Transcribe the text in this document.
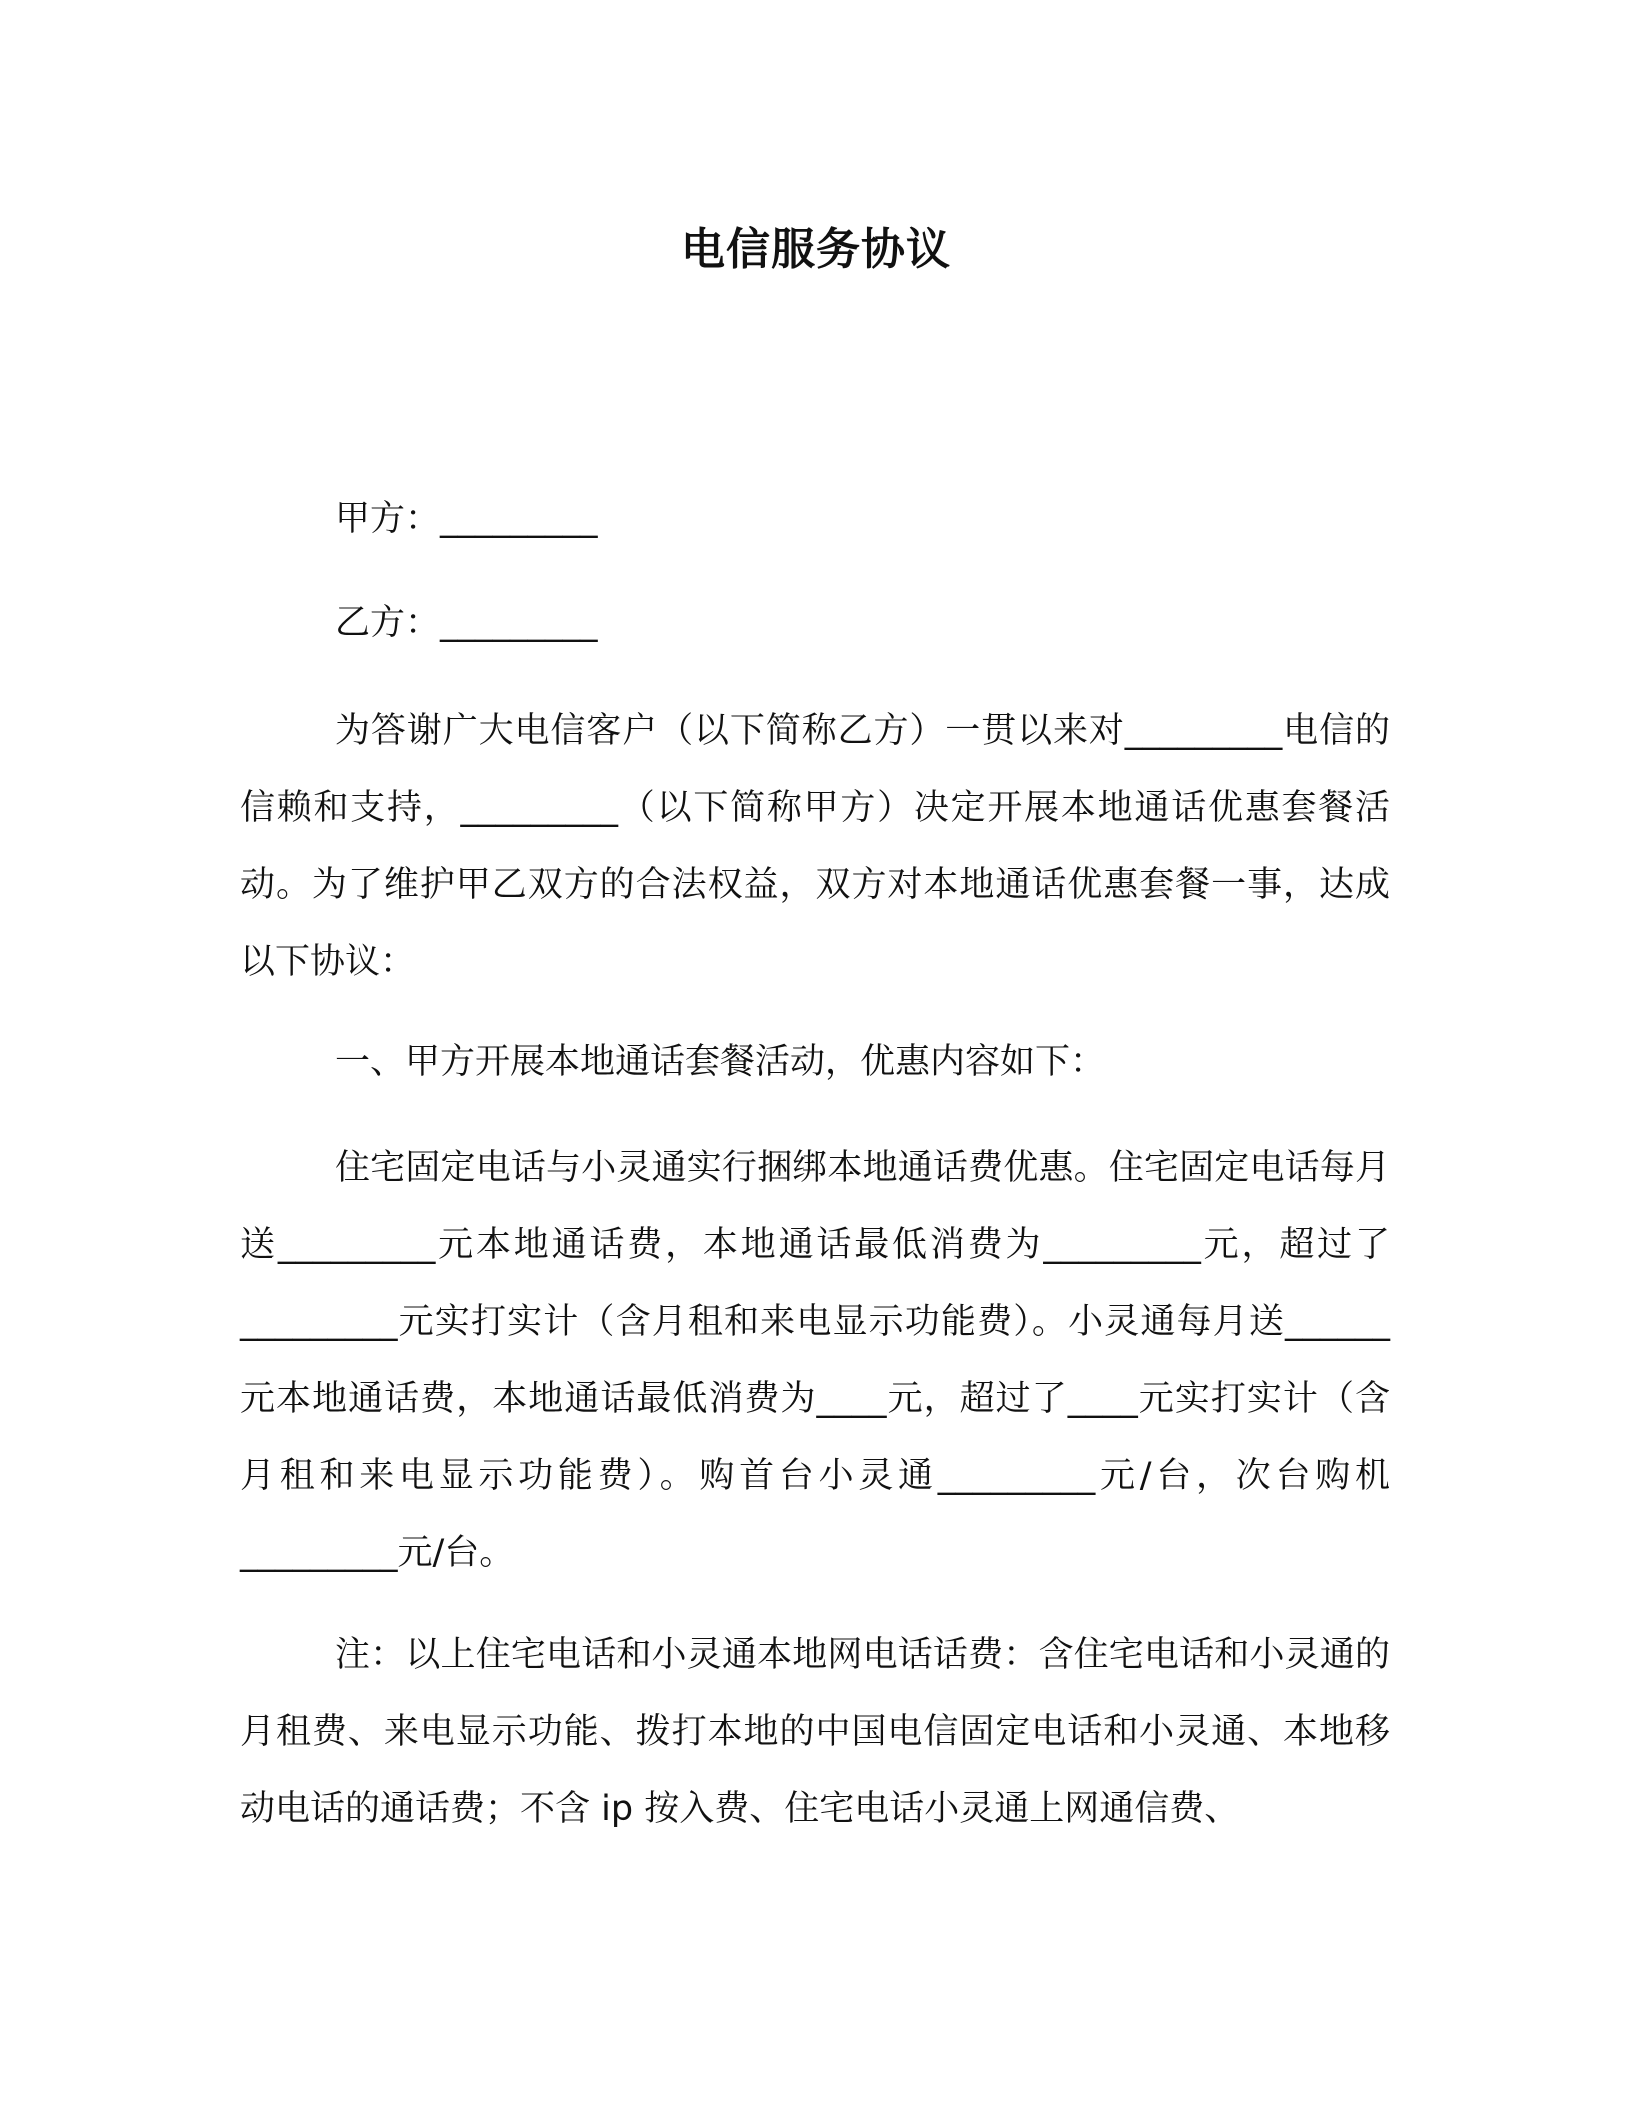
电信服务协议
甲方：_________
乙方：_________

为答谢广大电信客户（以下简称乙方）一贯以来对_________电信的信赖和支持，_________（以下简称甲方）决定开展本地通话优惠套餐活动。为了维护甲乙双方的合法权益，双方对本地通话优惠套餐一事，达成以下协议：

一、甲方开展本地通话套餐活动，优惠内容如下：

住宅固定电话与小灵通实行捆绑本地通话费优惠。住宅固定电话每月送_________元本地通话费，本地通话最低消费为_________元，超过了_________元实打实计（含月租和来电显示功能费）。小灵通每月送______元本地通话费，本地通话最低消费为____元，超过了____元实打实计（含月租和来电显示功能费）。购首台小灵通_________元/台，次台购机_________元/台。

注：以上住宅电话和小灵通本地网电话话费：含住宅电话和小灵通的月租费、来电显示功能、拨打本地的中国电信固定电话和小灵通、本地移动电话的通话费；不含 ip 按入费、住宅电话小灵通上网通信费、
